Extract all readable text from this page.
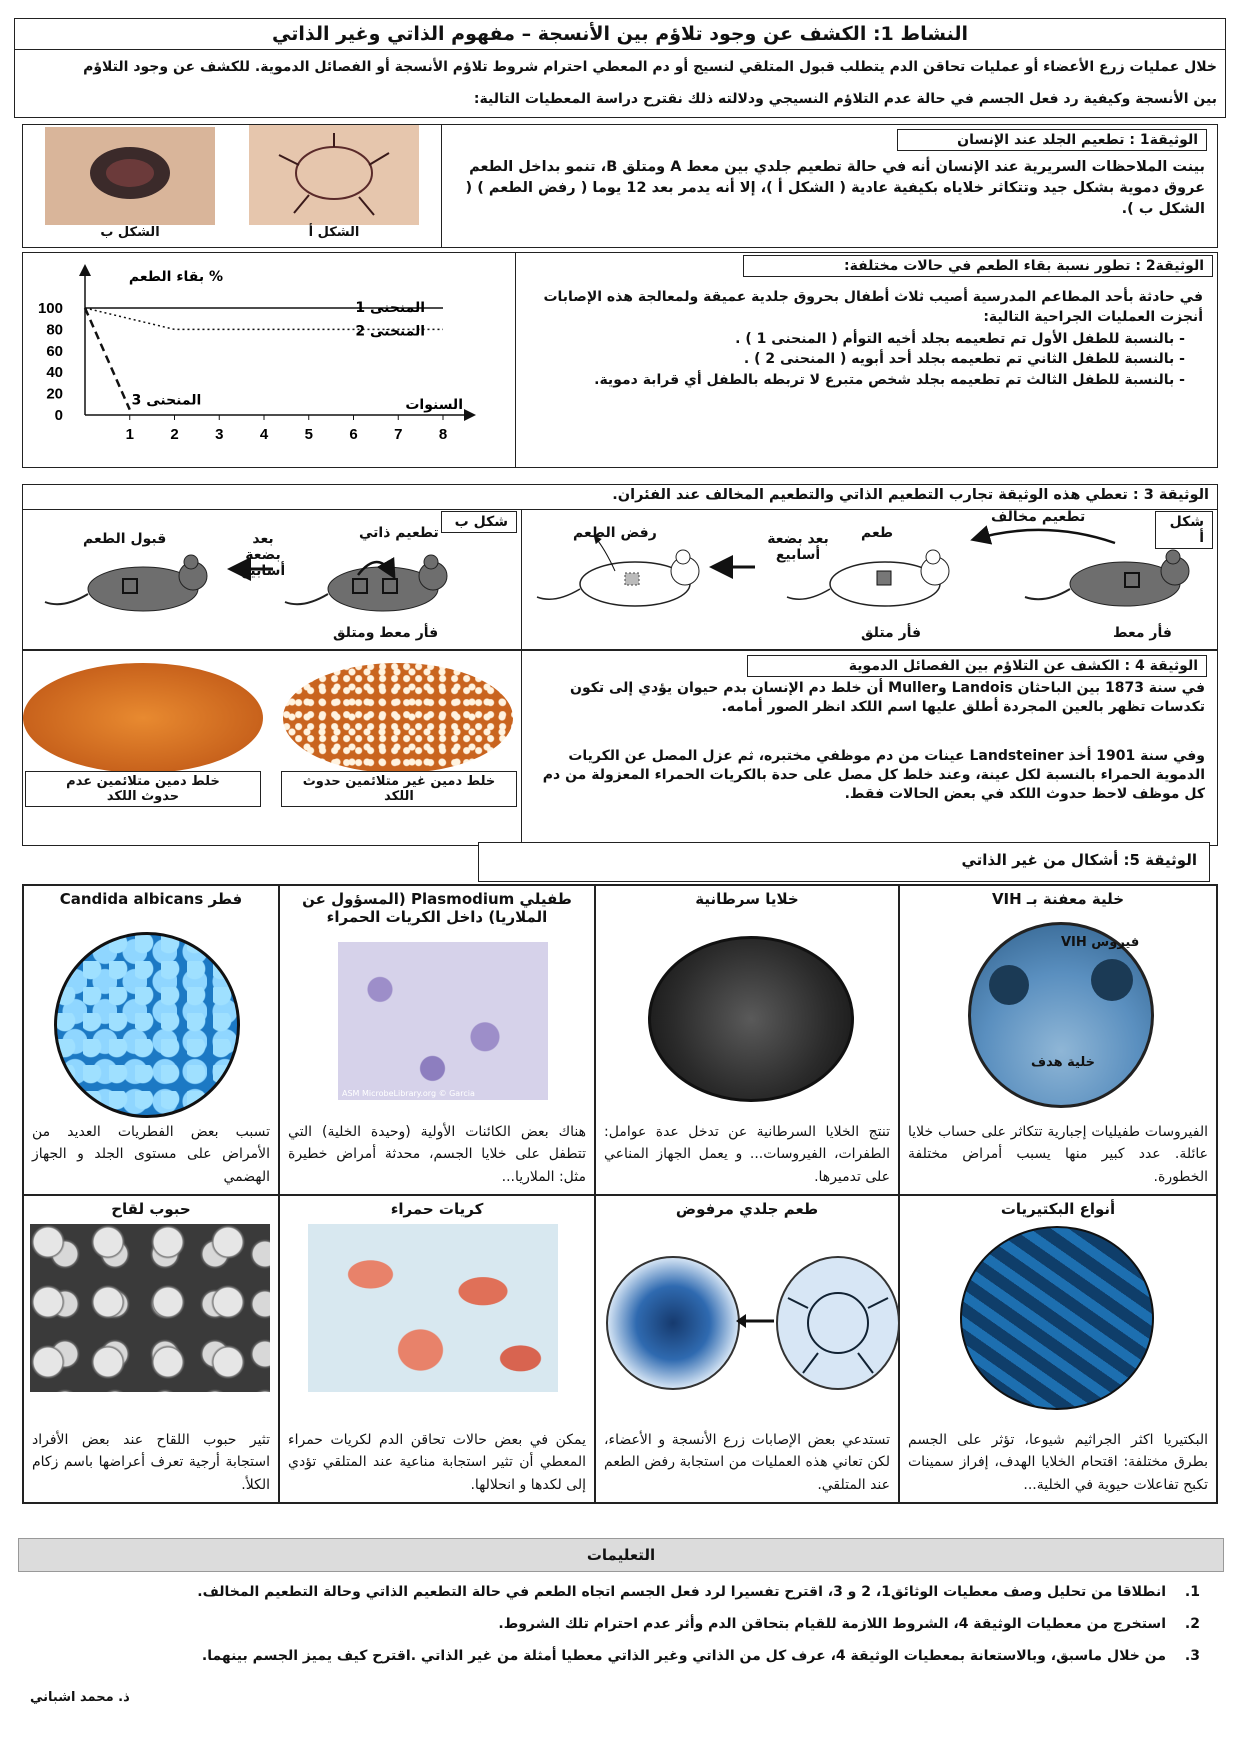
النشاط 1: الكشف عن وجود تلاؤم بين الأنسجة – مفهوم الذاتي وغير الذاتي
خلال عمليات زرع الأعضاء أو عمليات تحاقن الدم يتطلب قبول المتلقي لنسيج أو دم المعطي احترام شروط تلاؤم الأنسجة أو الفصائل الدموية. للكشف عن وجود التلاؤم
بين الأنسجة وكيفية رد فعل الجسم في حالة عدم التلاؤم النسيجي ودلالته ذلك نقترح دراسة المعطيات التالية:
الوثيقة1 : تطعيم الجلد عند الإنسان
بينت الملاحظات السريرية عند الإنسان أنه في حالة تطعيم جلدي بين معط A ومتلق B، تنمو بداخل الطعم عروق دموية بشكل جيد وتتكاثر خلاياه بكيفية عادية ( الشكل أ )، إلا أنه يدمر بعد 12 يوما ( رفض الطعم ) ( الشكل ب ).
الشكل ب	الشكل أ
الوثيقة2 : تطور نسبة بقاء الطعم في حالات مختلفة:
في حادثة بأحد المطاعم المدرسية أصيب ثلاث أطفال بحروق جلدية عميقة ولمعالجة هذه الإصابات أنجزت العمليات الجراحية التالية:
- بالنسبة للطفل الأول تم تطعيمه بجلد أخيه التوأم ( المنحنى 1 ) .
- بالنسبة للطفل الثاني تم تطعيمه بجلد أحد أبويه ( المنحنى 2 ) .
- بالنسبة للطفل الثالث تم تطعيمه بجلد شخص متبرع لا تربطه بالطفل أي قرابة دموية.
1 2 3 4 5 6 7 8
0
20
40
60
80
100
% بقاء الطعم
السنوات
المنحنى 1
المنحنى 2
المنحنى 3
الوثيقة 3 : تعطي هذه الوثيقة تجارب التطعيم الذاتي والتطعيم المخالف عند الفئران.
شكل أ
شكل ب
طعم
بعد بضعة أسابيع
رفض الطعم
فأر معط
فأر متلق
تطعيم ذاتي
بعد بضعة أسابيع
قبول الطعم
فأر معط ومتلق
تطعيم مخالف
الوثيقة 4 : الكشف عن التلاؤم بين الفصائل الدموية
في سنة 1873 بين الباحثان Landois وMuller أن خلط دم الإنسان بدم حيوان يؤدي إلى تكون تكدسات تظهر بالعين المجردة أطلق عليها اسم اللكد انظر الصور أمامه.
وفي سنة 1901 أخذ Landsteiner عينات من دم موظفي مختبره، ثم عزل المصل عن الكريات الدموية الحمراء بالنسبة لكل عينة، وعند خلط كل مصل على حدة بالكريات الحمراء المعزولة من دم كل موظف لاحظ حدوث اللكد في بعض الحالات فقط.
خلط دمين متلائمين عدم حدوث اللكد
خلط دمين غير متلائمين حدوث اللكد
الوثيقة 5: أشكال من غير الذاتي
خلية معفنة بـ VIH
فيروس VIH
خلية هدف
الفيروسات طفيليات إجبارية تتكاثر على حساب خلايا عائلة. عدد كبير منها يسبب أمراض مختلفة الخطورة.
خلايا سرطانية
تنتج الخلايا السرطانية عن تدخل عدة عوامل: الطفرات، الفيروسات... و يعمل الجهاز المناعي على تدميرها.
طفيلي Plasmodium (المسؤول عن الملاريا) داخل الكريات الحمراء
ASM MicrobeLibrary.org © Garcia
هناك بعض الكائنات الأولية (وحيدة الخلية) التي تتطفل على خلايا الجسم، محدثة أمراض خطيرة مثل: الملاريا...
فطر Candida albicans
تسبب بعض الفطريات العديد من الأمراض على مستوى الجلد و الجهاز الهضمي
أنواع البكتيريات
البكتيريا اكثر الجراثيم شيوعا، تؤثر على الجسم بطرق مختلفة: اقتحام الخلايا الهدف، إفراز سمينات تكبح تفاعلات حيوية في الخلية...
طعم جلدي مرفوض
تستدعي بعض الإصابات زرع الأنسجة و الأعضاء، لكن تعاني هذه العمليات من استجابة رفض الطعم عند المتلقي.
كريات حمراء
يمكن في بعض حالات تحاقن الدم لكريات حمراء المعطي أن تثير استجابة مناعية عند المتلقي تؤدي إلى لكدها و انحلالها.
حبوب لقاح
تثير حبوب اللقاح عند بعض الأفراد استجابة أرجية تعرف أعراضها باسم زكام الكلأ.
التعليمات
1.انطلاقا من تحليل وصف معطيات الوثائق1، 2 و 3، اقترح تفسيرا لرد فعل الجسم اتجاه الطعم في حالة التطعيم الذاتي وحالة التطعيم المخالف.
2.استخرج من معطيات الوثيقة 4، الشروط اللازمة للقيام بتحاقن الدم وأثر عدم احترام تلك الشروط.
3.من خلال ماسبق، وبالاستعانة بمعطيات الوثيقة 4، عرف كل من الذاتي وغير الذاتي معطيا أمثلة من غير الذاتي .اقترح كيف يميز الجسم بينهما.
ذ. محمد اشباني
